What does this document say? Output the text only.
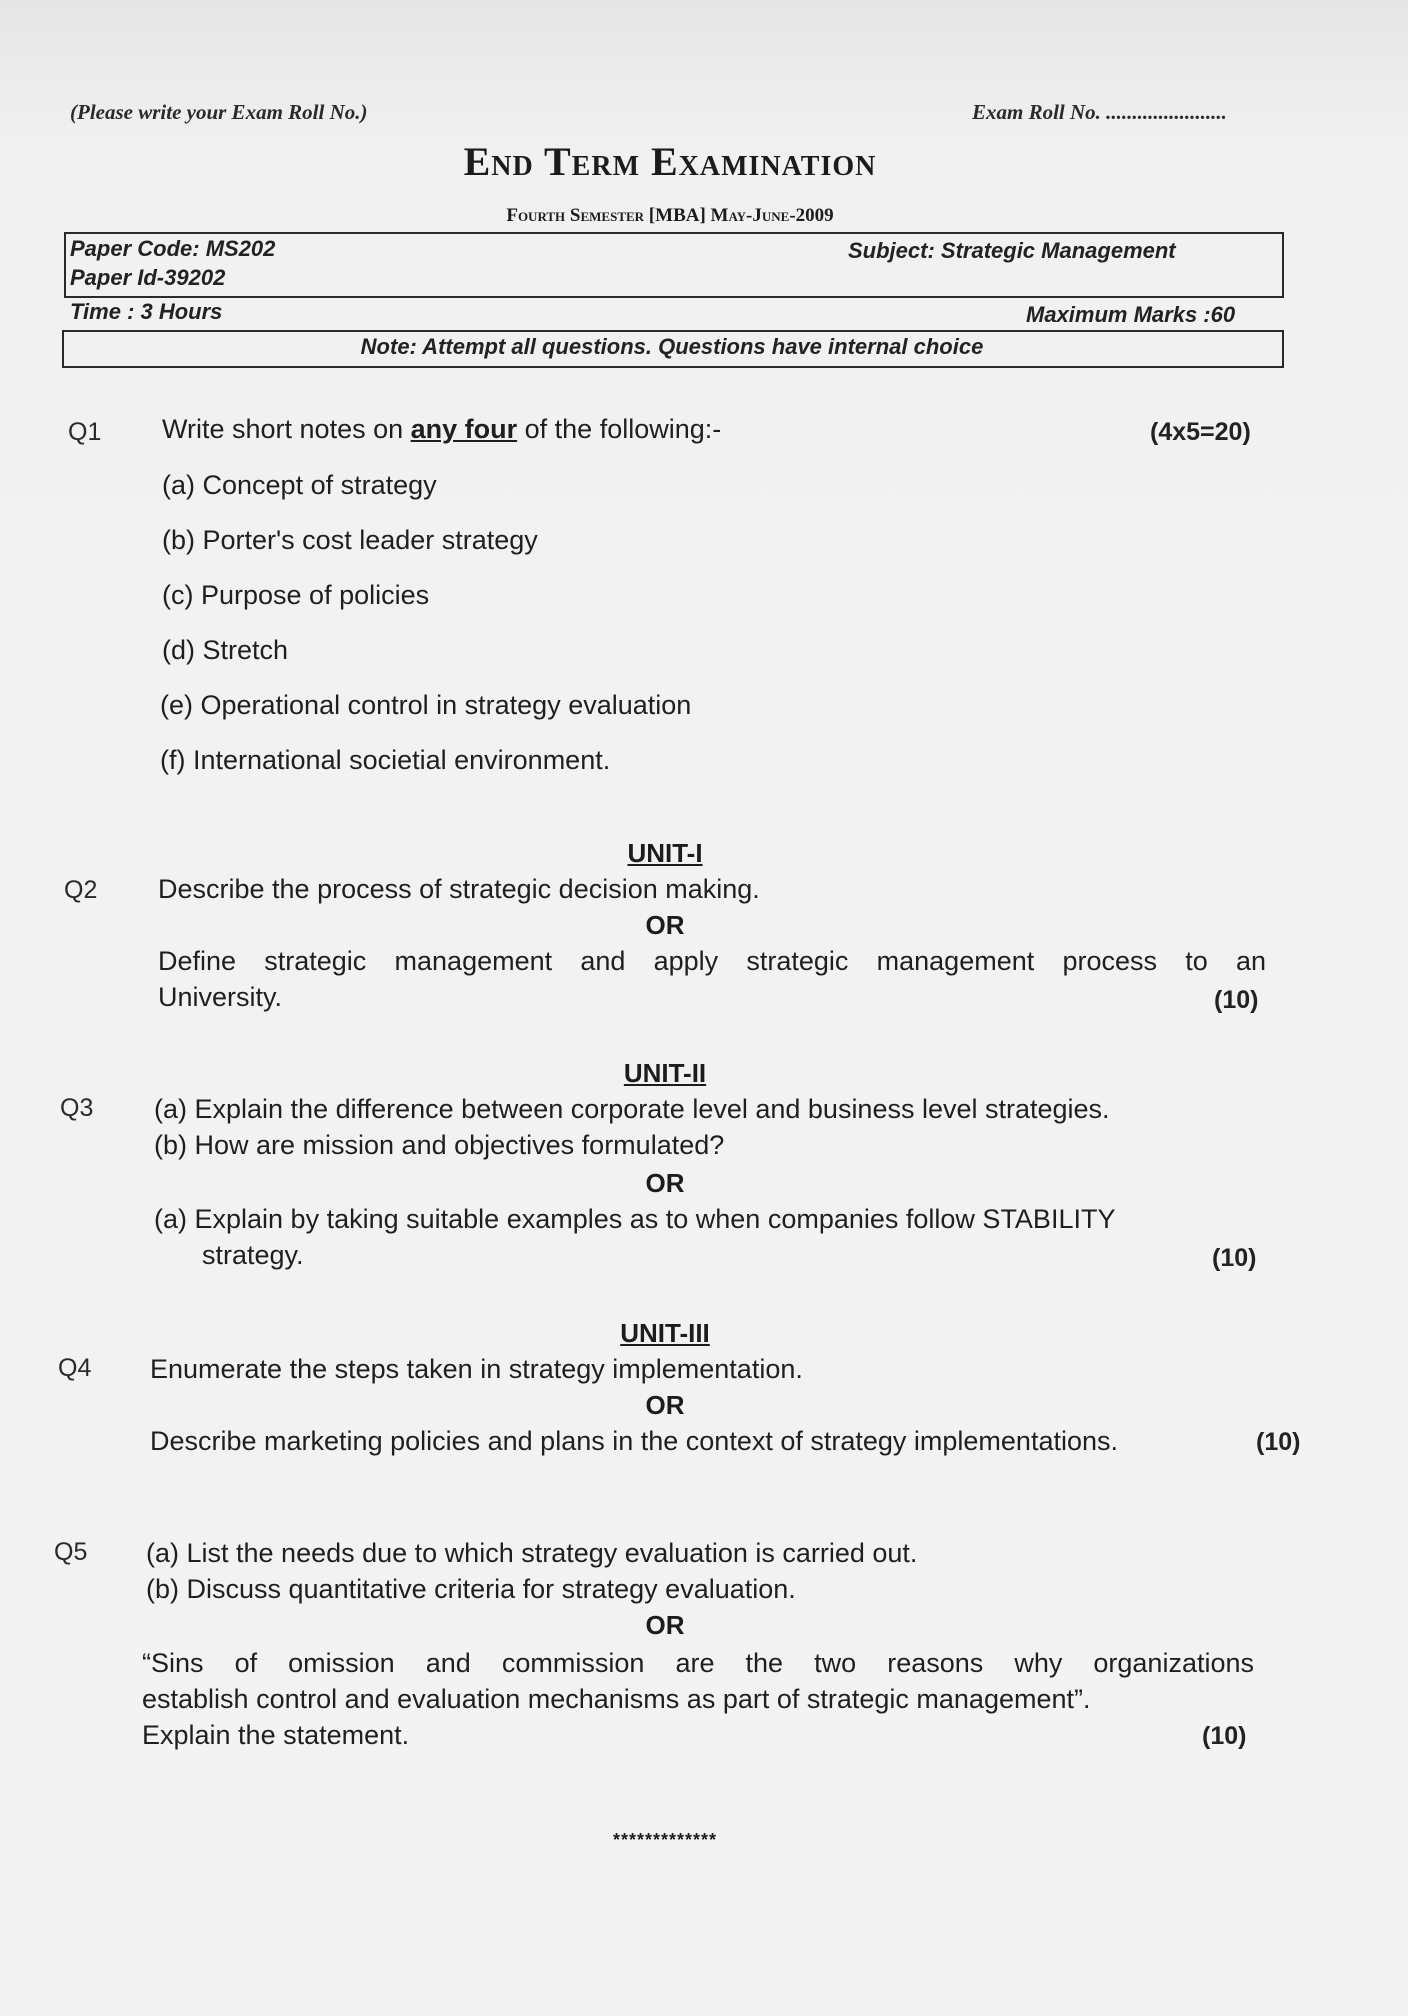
(Please write your Exam Roll No.)	Exam Roll No. .......................
End Term Examination
Fourth Semester [MBA] May-June-2009
Paper Code: MS202
Paper Id-39202
Subject: Strategic Management
Time : 3 Hours	Maximum Marks :60
Note: Attempt all questions. Questions have internal choice
Q1 Write short notes on any four of the following:-	(4x5=20)
(a) Concept of strategy
(b) Porter's cost leader strategy
(c) Purpose of policies
(d) Stretch
(e) Operational control in strategy evaluation
(f) International societial environment.
UNIT-I
Q2 Describe the process of strategic decision making.
OR
Define strategic management and apply strategic management process to an
University.	(10)
UNIT-II
Q3 (a) Explain the difference between corporate level and business level strategies.
(b) How are mission and objectives formulated?
OR
(a) Explain by taking suitable examples as to when companies follow STABILITY
strategy.	(10)
UNIT-III
Q4 Enumerate the steps taken in strategy implementation.
OR
Describe marketing policies and plans in the context of strategy implementations.	(10)
Q5 (a) List the needs due to which strategy evaluation is carried out.
(b) Discuss quantitative criteria for strategy evaluation.
OR
“Sins of omission and commission are the two reasons why organizations
establish control and evaluation mechanisms as part of strategic management”.
Explain the statement.	(10)
*************
